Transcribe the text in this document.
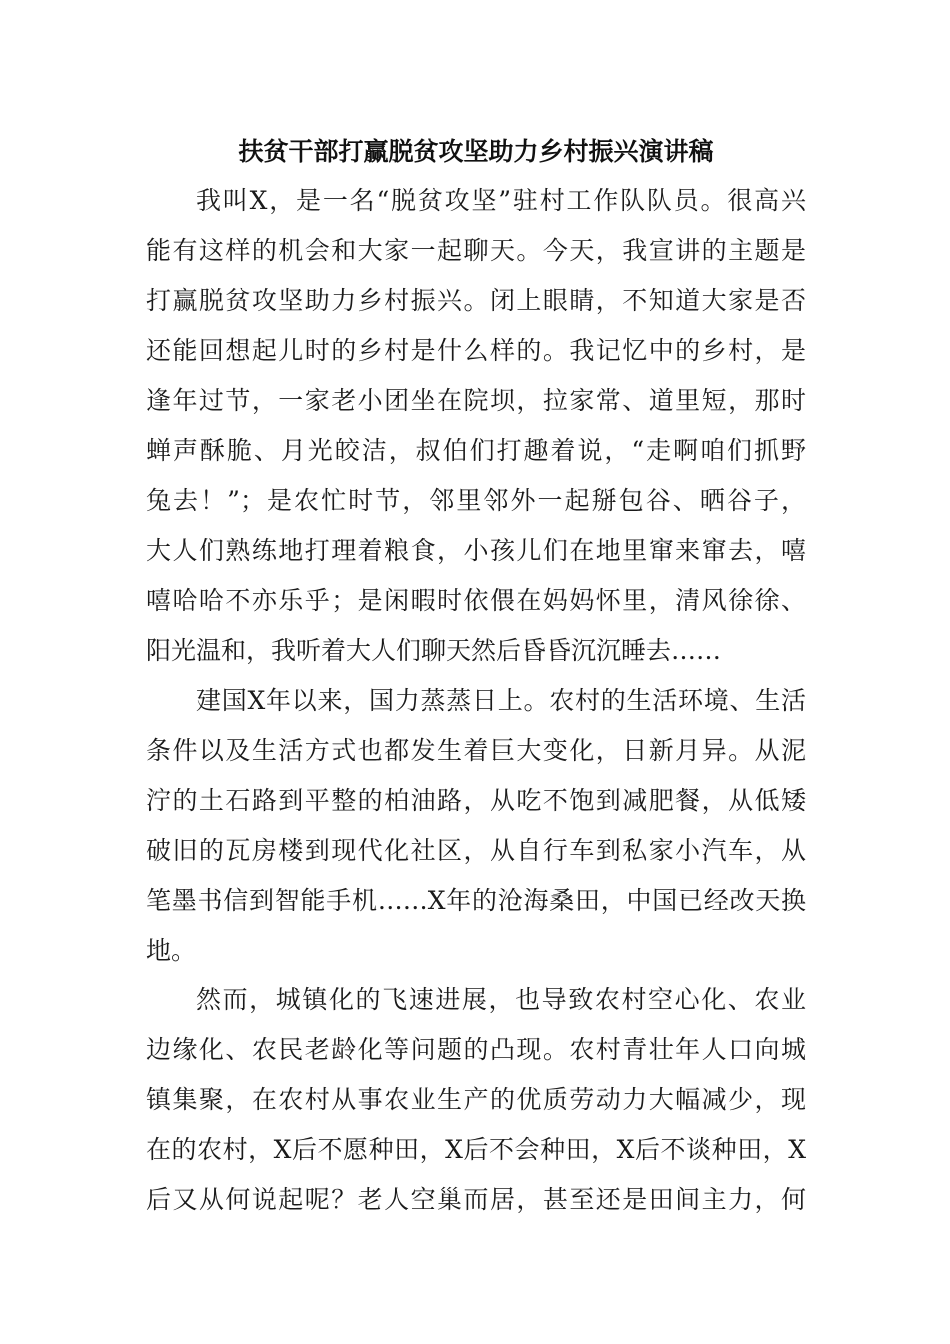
扶贫干部打赢脱贫攻坚助力乡村振兴演讲稿
我叫X，是一名“脱贫攻坚”驻村工作队队员。很高兴
能有这样的机会和大家一起聊天。今天，我宣讲的主题是
打赢脱贫攻坚助力乡村振兴。闭上眼睛，不知道大家是否
还能回想起儿时的乡村是什么样的。我记忆中的乡村，是
逢年过节，一家老小团坐在院坝，拉家常、道里短，那时
蝉声酥脆、月光皎洁，叔伯们打趣着说，“走啊咱们抓野
兔去！”；是农忙时节，邻里邻外一起掰包谷、晒谷子，
大人们熟练地打理着粮食，小孩儿们在地里窜来窜去，嘻
嘻哈哈不亦乐乎；是闲暇时依偎在妈妈怀里，清风徐徐、
阳光温和，我听着大人们聊天然后昏昏沉沉睡去……
建国X年以来，国力蒸蒸日上。农村的生活环境、生活
条件以及生活方式也都发生着巨大变化，日新月异。从泥
泞的土石路到平整的柏油路，从吃不饱到减肥餐，从低矮
破旧的瓦房楼到现代化社区，从自行车到私家小汽车，从
笔墨书信到智能手机……X年的沧海桑田，中国已经改天换
地。
然而，城镇化的飞速进展，也导致农村空心化、农业
边缘化、农民老龄化等问题的凸现。农村青壮年人口向城
镇集聚，在农村从事农业生产的优质劳动力大幅减少，现
在的农村，X后不愿种田，X后不会种田，X后不谈种田，X
后又从何说起呢？老人空巢而居，甚至还是田间主力，何
